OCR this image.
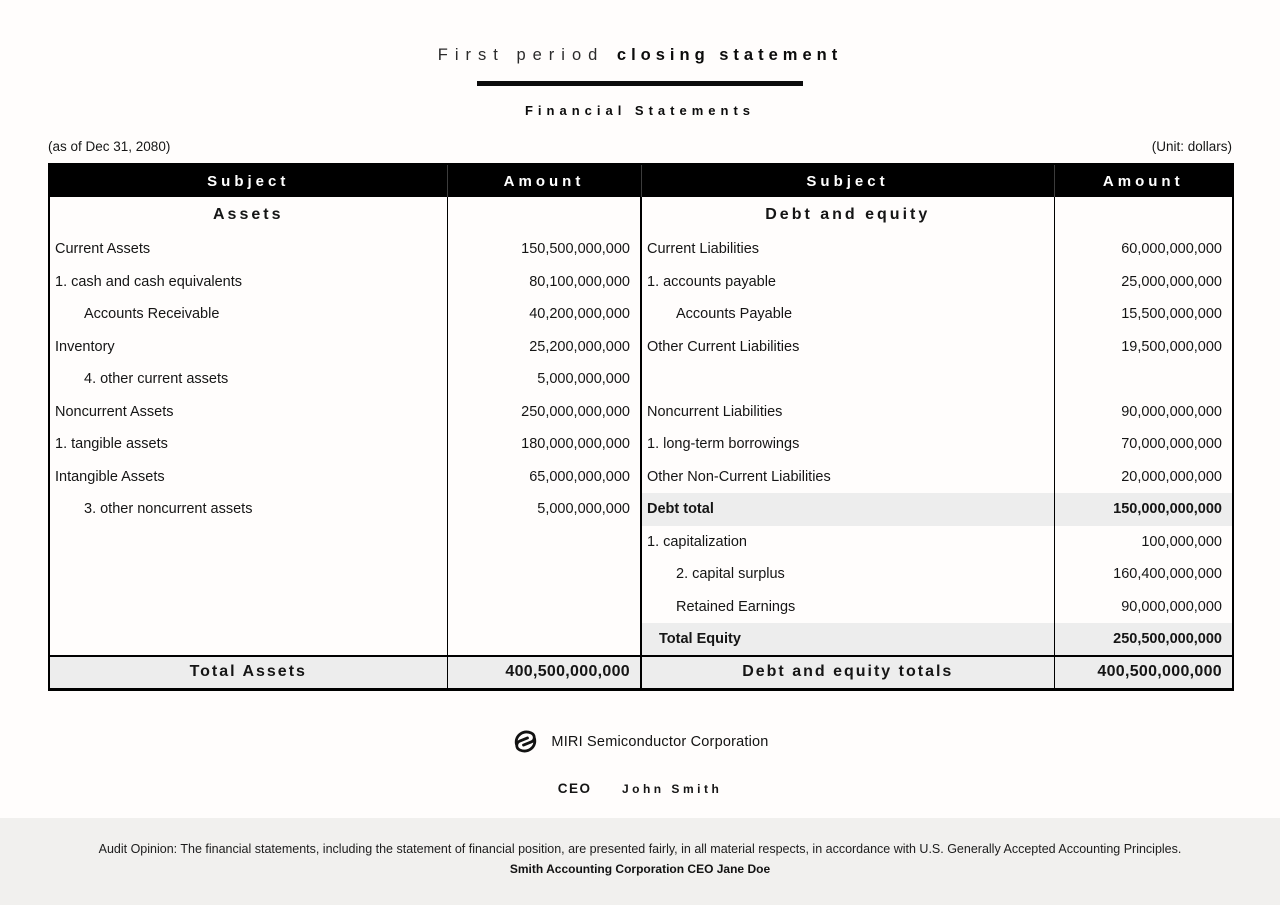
First period closing statement
Financial Statements
(as of Dec 31, 2080)	(Unit: dollars)
Subject	Amount	Subject	Amount
Assets		Debt and equity	
Current Assets	150,500,000,000	Current Liabilities	60,000,000,000
1. cash and cash equivalents	80,100,000,000	1. accounts payable	25,000,000,000
Accounts Receivable	40,200,000,000	Accounts Payable	15,500,000,000
Inventory	25,200,000,000	Other Current Liabilities	19,500,000,000
4. other current assets	5,000,000,000		
Noncurrent Assets	250,000,000,000	Noncurrent Liabilities	90,000,000,000
1. tangible assets	180,000,000,000	1. long-term borrowings	70,000,000,000
Intangible Assets	65,000,000,000	Other Non-Current Liabilities	20,000,000,000
3. other noncurrent assets	5,000,000,000	Debt total	150,000,000,000
		1. capitalization	100,000,000
		2. capital surplus	160,400,000,000
		Retained Earnings	90,000,000,000
		Total Equity	250,500,000,000
Total Assets	400,500,000,000	Debt and equity totals	400,500,000,000
MIRI Semiconductor Corporation
CEO	John Smith
Audit Opinion: The financial statements, including the statement of financial position, are presented fairly, in all material respects, in accordance with U.S. Generally Accepted Accounting Principles.
Smith Accounting Corporation CEO Jane Doe
